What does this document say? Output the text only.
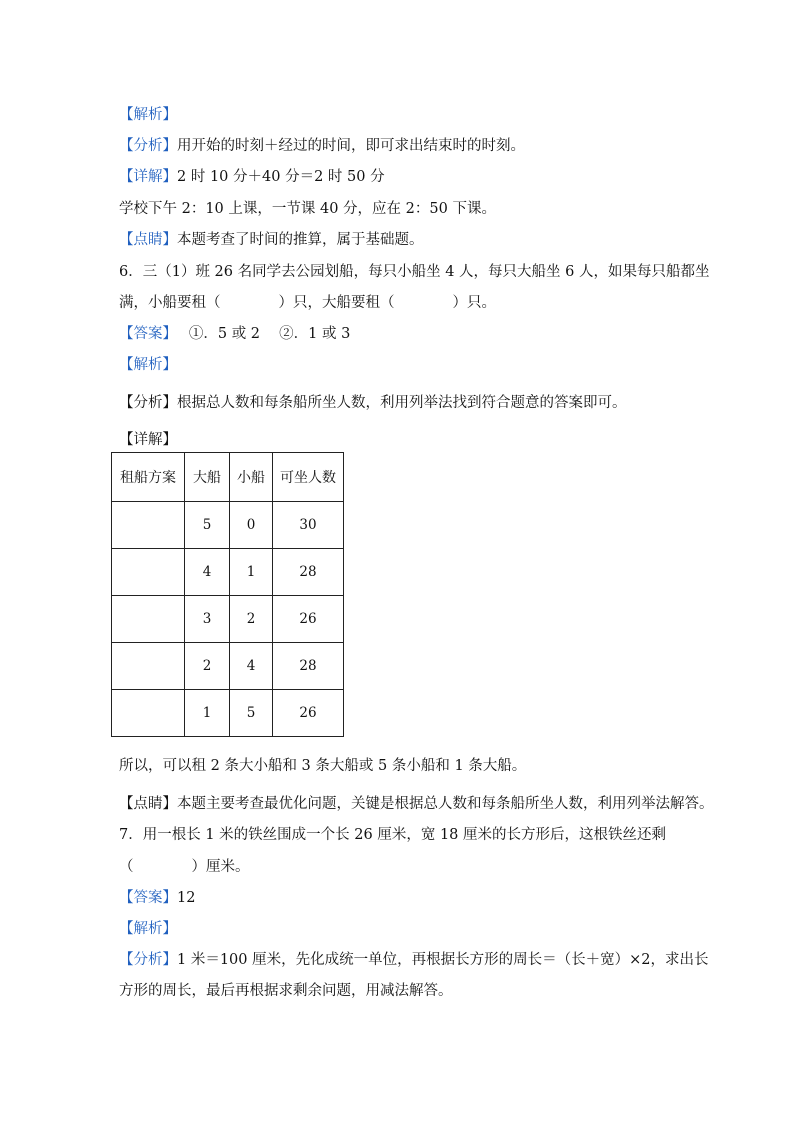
【解析】
【分析】用开始的时刻＋经过的时间，即可求出结束时的时刻。
【详解】2 时 10 分＋40 分＝2 时 50 分
学校下午 2：10 上课，一节课 40 分，应在 2：50 下课。
【点睛】本题考查了时间的推算，属于基础题。
6．三（1）班 26 名同学去公园划船，每只小船坐 4 人，每只大船坐 6 人，如果每只船都坐
满，小船要租（　　　　）只，大船要租（　　　　）只。
【答案】　 ①．5 或 2　 ②．1 或 3
【解析】
【分析】根据总人数和每条船所坐人数，利用列举法找到符合题意的答案即可。
【详解】
租船方案	大船	小船	可坐人数
	5	0	30
	4	1	28
	3	2	26
	2	4	28
	1	5	26
所以，可以租 2 条大小船和 3 条大船或 5 条小船和 1 条大船。
【点睛】本题主要考查最优化问题，关键是根据总人数和每条船所坐人数，利用列举法解答。
7．用一根长 1 米的铁丝围成一个长 26 厘米，宽 18 厘米的长方形后，这根铁丝还剩
（　　　　）厘米。
【答案】12
【解析】
【分析】1 米＝100 厘米，先化成统一单位，再根据长方形的周长＝（长＋宽）×2，求出长
方形的周长，最后再根据求剩余问题，用减法解答。
